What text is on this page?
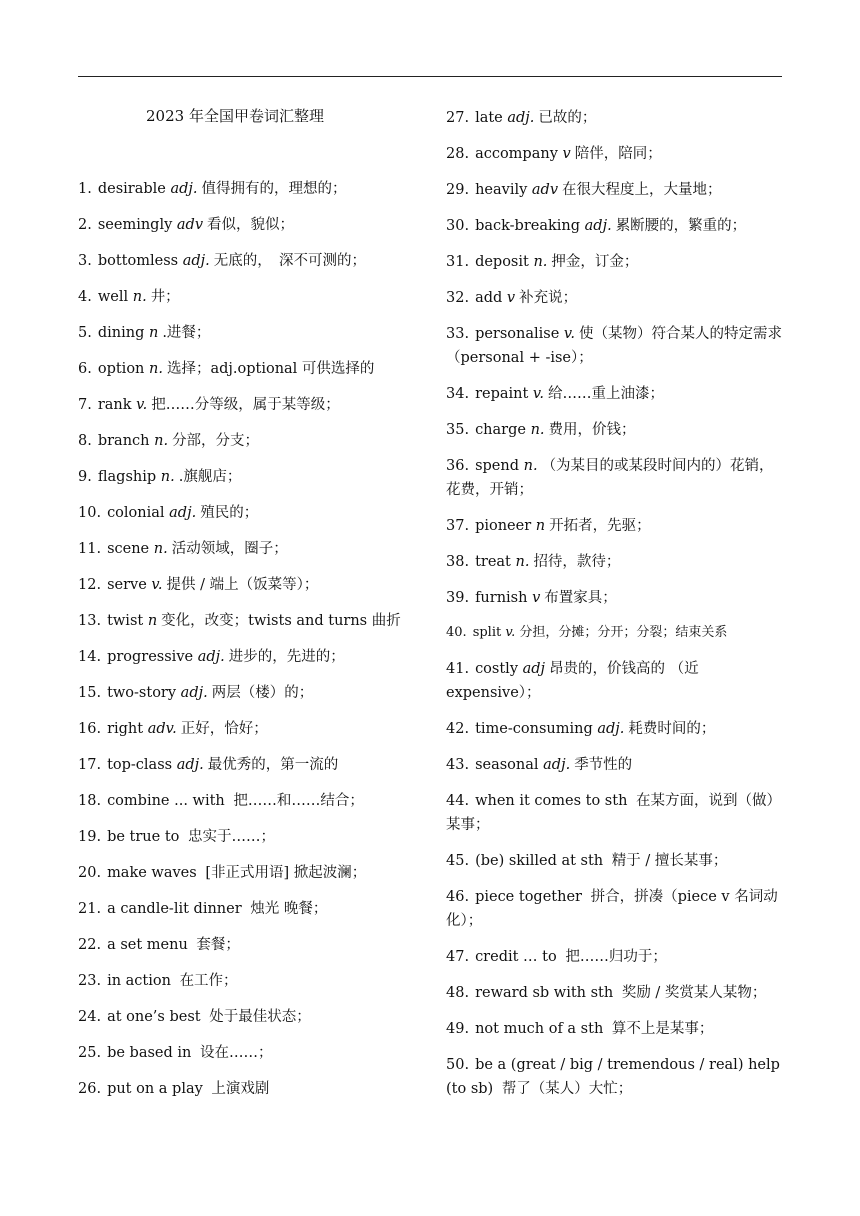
2023 年全国甲卷词汇整理
1. desirable adj. 值得拥有的，理想的；
2. seemingly adv 看似，貌似；
3. bottomless adj. 无底的，　深不可测的；
4. well n. 井；
5. dining n .进餐；
6. option n. 选择；adj.optional 可供选择的
7. rank v. 把……分等级，属于某等级；
8. branch n. 分部，分支；
9. flagship n. .旗舰店；
10. colonial adj. 殖民的；
11. scene n. 活动领域，圈子；
12. serve v. 提供 / 端上（饭菜等）；
13. twist n 变化，改变；twists and turns 曲折
14. progressive adj. 进步的，先进的；
15. two-story adj. 两层（楼）的；
16. right adv. 正好，恰好；
17. top-class adj. 最优秀的，第一流的
18. combine ... with 把……和……结合；
19. be true to 忠实于……；
20. make waves [非正式用语] 掀起波澜；
21. a candle-lit dinner 烛光 晚餐；
22. a set menu 套餐；
23. in action 在工作；
24. at one’s best 处于最佳状态；
25. be based in 设在……；
26. put on a play 上演戏剧
27. late adj. 已故的；
28. accompany v 陪伴，陪同；
29. heavily adv 在很大程度上，大量地；
30. back-breaking adj. 累断腰的，繁重的；
31. deposit n. 押金，订金；
32. add v 补充说；
33. personalise v. 使（某物）符合某人的特定需求 （personal + -ise）；
34. repaint v. 给……重上油漆；
35. charge n. 费用，价钱；
36. spend n. （为某目的或某段时间内的）花销，花费，开销；
37. pioneer n 开拓者，先驱；
38. treat n. 招待，款待；
39. furnish v 布置家具；
40. split v. 分担，分摊；分开；分裂；结束关系
41. costly adj 昂贵的，价钱高的 （近 expensive）；
42. time-consuming adj. 耗费时间的；
43. seasonal adj. 季节性的
44. when it comes to sth 在某方面，说到（做）某事；
45. (be) skilled at sth 精于 / 擅长某事；
46. piece together 拼合，拼凑（piece v 名词动化）；
47. credit … to 把……归功于；
48. reward sb with sth 奖励 / 奖赏某人某物；
49. not much of a sth 算不上是某事；
50. be a (great / big / tremendous / real) help (to sb) 帮了（某人）大忙；
